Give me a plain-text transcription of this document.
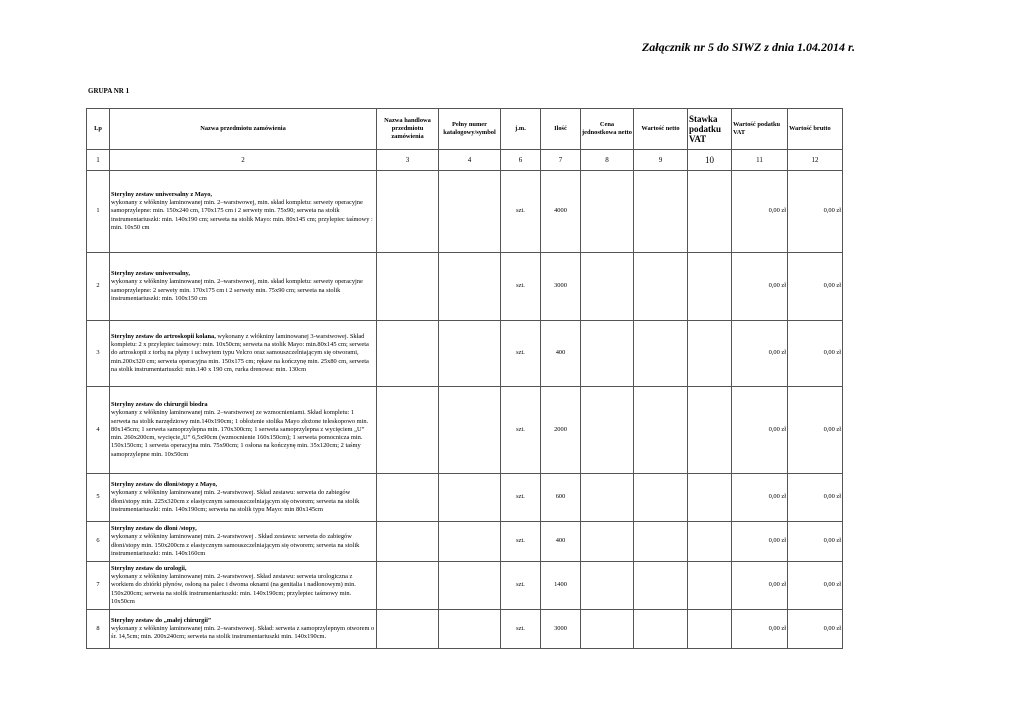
Załącznik nr 5 do SIWZ z dnia 1.04.2014 r.
GRUPA NR 1
Lp	Nazwa przedmiotu zamówienia	Nazwa handlowa przedmiotu zamówienia	Pełny numer katalogowy/symbol	j.m.	Ilość	Cena jednostkowa netto	Wartość netto	Stawka podatku VAT	Wartość podatku VAT	Wartość brutto
1	2	3	4	6	7	8	9	10	11	12
1	Sterylny zestaw uniwersalny z Mayo,
wykonany z włókniny laminowanej min. 2–warstwowej, min. skład kompletu: serwety operacyjne samoprzylepne: min. 150x240 cm, 170x175 cm i 2 serwety min. 75x90; serweta na stolik instrumentariuszki: min. 140x190 cm; serweta na stolik Mayo: min. 80x145 cm; przylepiec taśmowy : min. 10x50 cm			szt.	4000				0,00 zł	0,00 zł
2	Sterylny zestaw uniwersalny,
wykonany z włókniny laminowanej min. 2–warstwowej, min. skład kompletu: serwety operacyjne samoprzylepne: 2 serwety min. 170x175 cm i 2 serwety min. 75x90 cm; serweta na stolik instrumentariuszki: min. 100x150 cm			szt.	3000				0,00 zł	0,00 zł
3	Sterylny zestaw do artroskopii kolana, wykonany z włókniny laminowanej 3-warstwowej. Skład kompletu: 2 x przylepiec taśmowy: min. 10x50cm; serweta na stolik Mayo: min.80x145 cm; serweta do artroskopii z torbą na płyny i uchwytem typu Velcro oraz samouszczelniającym się otworami, min.200x320 cm; serweta operacyjna min. 150x175 cm; rękaw na kończynę min. 25x80 cm, serweta na stolik instrumentariuszki: min.140 x 190 cm, rurka drenowa: min. 130cm			szt.	400				0,00 zł	0,00 zł
4	Sterylny zestaw do chirurgii biodra
wykonany z włókniny laminowanej min. 2–warstwowej ze wzmocnieniami. Skład kompletu: 1 serweta na stolik narzędziowy min.140x190cm; 1 obłożenie stolika Mayo złożone teleskopowo min. 80x145cm; 1 serweta samoprzylepna min. 170x300cm; 1 serweta samoprzylepna z wycięciem „U” min. 260x200cm, wycięcie„U” 6,5x90cm (wzmocnienie 160x150cm); 1 serweta pomocnicza min. 150x150cm; 1 serweta operacyjna min. 75x90cm; 1 osłona na kończynę min. 35x120cm; 2 taśmy samoprzylepne min. 10x50cm			szt.	2000				0,00 zł	0,00 zł
5	Sterylny zestaw do dłoni/stopy z Mayo,
wykonany z włókniny laminowanej min. 2-warstwowej. Skład zestawu: serweta do zabiegów dłoni/stopy min. 225x320cm z elastycznym samouszczelniającym się otworem; serweta na stolik instrumentariuszki: min. 140x190cm; serweta na stolik typu Mayo: min 80x145cm			szt.	600				0,00 zł	0,00 zł
6	Sterylny zestaw do dłoni /stopy,
wykonany z włókniny laminowanej min. 2-warstwowej . Skład zestawu: serweta do zabiegów dłoni/stopy min. 150x200cm z elastycznym samouszczelniającym się otworem; serweta na stolik instrumentariuszki: min. 140x160cm			szt.	400				0,00 zł	0,00 zł
7	Sterylny zestaw do urologii,
wykonany z włókniny laminowanej min. 2-warstwowej. Skład zestawu: serweta urologiczna z workiem do zbiórki płynów, osłoną na palec i dwoma oknami (na genitalia i nadłonowym) min. 150x200cm; serweta na stolik instrumentariuszki: min. 140x190cm; przylepiec taśmowy min. 10x50cm			szt.	1400				0,00 zł	0,00 zł
8	Sterylny zestaw do „małej chirurgii”
wykonany z włókniny laminowanej min. 2–warstwowej. Skład: serweta z samoprzylepnym otworem o śr. 14,5cm; min. 200x240cm; serweta na stolik instrumentariuszki min. 140x190cm.			szt.	3000				0,00 zł	0,00 zł
